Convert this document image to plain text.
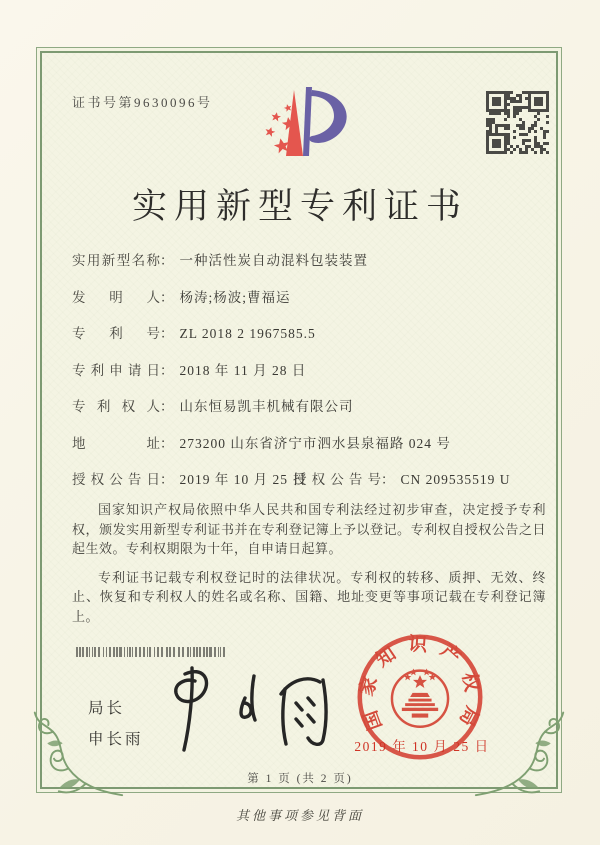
证书号第9630096号
实用新型专利证书
实用新型名称 ： 一种活性炭自动混料包装装置
发明人 ： 杨涛;杨波;曹福运
专利号 ： ZL 2018 2 1967585.5
专利申请日 ： 2018 年 11 月 28 日
专利权人 ： 山东恒易凯丰机械有限公司
地址 ： 273200 山东省济宁市泗水县泉福路 024 号
授权公告日 ： 2019 年 10 月 25 日
授权公告号 ： CN 209535519 U

国家知识产权局依照中华人民共和国专利法经过初步审查，决定授予专利权，颁发实用新型专利证书并在专利登记簿上予以登记。专利权自授权公告之日起生效。专利权期限为十年，自申请日起算。

专利证书记载专利权登记时的法律状况。专利权的转移、质押、无效、终止、恢复和专利权人的姓名或名称、国籍、地址变更等事项记载在专利登记簿上。

局长
申长雨
国家知识产权局
2019 年 10 月 25 日
第 1 页 (共 2 页)
其他事项参见背面
